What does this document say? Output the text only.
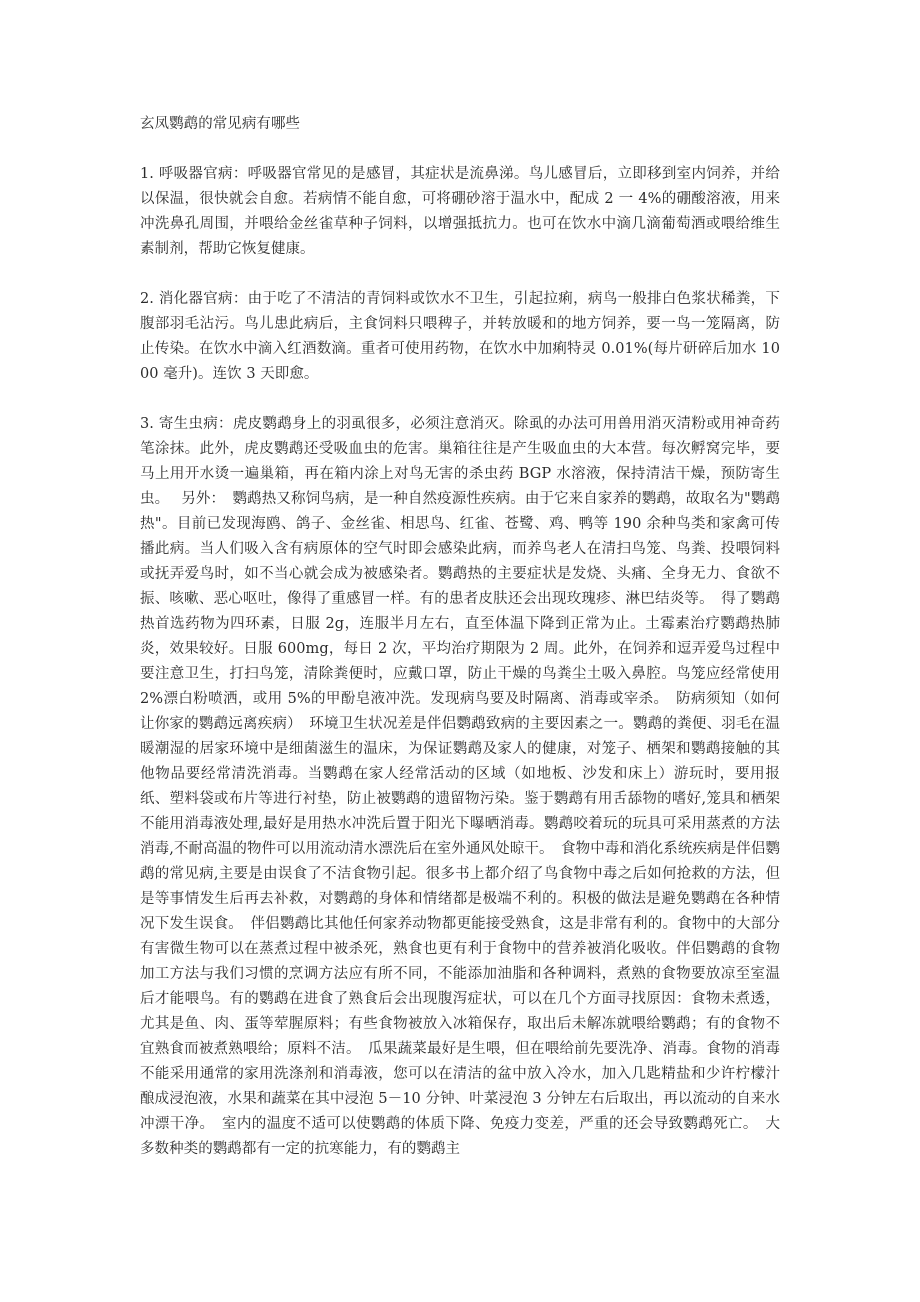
玄凤鹦鹉的常见病有哪些

1. 呼吸器官病：呼吸器官常见的是感冒，其症状是流鼻涕。鸟儿感冒后，立即移到室内饲养，并给以保温，很快就会自愈。若病情不能自愈，可将硼砂溶于温水中，配成 2 一 4%的硼酸溶液，用来冲洗鼻孔周围，并喂给金丝雀草种子饲料，以增强抵抗力。也可在饮水中滴几滴葡萄酒或喂给维生素制剂，帮助它恢复健康。

2. 消化器官病：由于吃了不清洁的青饲料或饮水不卫生，引起拉痢，病鸟一般排白色浆状稀粪，下腹部羽毛沾污。鸟儿患此病后，主食饲料只喂稗子，并转放暖和的地方饲养，要一鸟一笼隔离，防止传染。在饮水中滴入红酒数滴。重者可使用药物，在饮水中加痢特灵 0.01%(每片研碎后加水 1000 毫升)。连饮 3 天即愈。

3. 寄生虫病：虎皮鹦鹉身上的羽虱很多，必须注意消灭。除虱的办法可用兽用消灭清粉或用神奇药笔涂抹。此外，虎皮鹦鹉还受吸血虫的危害。巢箱往往是产生吸血虫的大本营。每次孵窝完毕，要马上用开水烫一遍巢箱，再在箱内涂上对鸟无害的杀虫药 BGP 水溶液，保持清洁干燥，预防寄生虫。　 另外：　鹦鹉热又称饲鸟病，是一种自然疫源性疾病。由于它来自家养的鹦鹉，故取名为"鹦鹉热"。目前已发现海鸥、鸽子、金丝雀、相思鸟、红雀、苍鹭、鸡、鸭等 190 余种鸟类和家禽可传播此病。当人们吸入含有病原体的空气时即会感染此病，而养鸟老人在清扫鸟笼、鸟粪、投喂饲料或抚弄爱鸟时，如不当心就会成为被感染者。鹦鹉热的主要症状是发烧、头痛、全身无力、食欲不振、咳嗽、恶心呕吐，像得了重感冒一样。有的患者皮肤还会出现玫瑰疹、淋巴结炎等。　得了鹦鹉热首选药物为四环素，日服 2g，连服半月左右，直至体温下降到正常为止。土霉素治疗鹦鹉热肺炎，效果较好。日服 600mg，每日 2 次，平均治疗期限为 2 周。此外，在饲养和逗弄爱鸟过程中要注意卫生，打扫鸟笼，清除粪便时，应戴口罩，防止干燥的鸟粪尘土吸入鼻腔。鸟笼应经常使用 2%漂白粉喷洒，或用 5%的甲酚皂液冲洗。发现病鸟要及时隔离、消毒或宰杀。　防病须知（如何让你家的鹦鹉远离疾病）　环境卫生状况差是伴侣鹦鹉致病的主要因素之一。鹦鹉的粪便、羽毛在温暖潮湿的居家环境中是细菌滋生的温床，为保证鹦鹉及家人的健康，对笼子、栖架和鹦鹉接触的其他物品要经常清洗消毒。当鹦鹉在家人经常活动的区域（如地板、沙发和床上）游玩时，要用报纸、塑料袋或布片等进行衬垫，防止被鹦鹉的遗留物污染。鉴于鹦鹉有用舌舔物的嗜好,笼具和栖架不能用消毒液处理,最好是用热水冲洗后置于阳光下曝晒消毒。鹦鹉咬着玩的玩具可采用蒸煮的方法消毒,不耐高温的物件可以用流动清水漂洗后在室外通风处晾干。　食物中毒和消化系统疾病是伴侣鹦鹉的常见病,主要是由误食了不洁食物引起。很多书上都介绍了鸟食物中毒之后如何抢救的方法，但是等事情发生后再去补救，对鹦鹉的身体和情绪都是极端不利的。积极的做法是避免鹦鹉在各种情况下发生误食。　伴侣鹦鹉比其他任何家养动物都更能接受熟食，这是非常有利的。食物中的大部分有害微生物可以在蒸煮过程中被杀死，熟食也更有利于食物中的营养被消化吸收。伴侣鹦鹉的食物加工方法与我们习惯的烹调方法应有所不同，不能添加油脂和各种调料，煮熟的食物要放凉至室温后才能喂鸟。有的鹦鹉在进食了熟食后会出现腹泻症状，可以在几个方面寻找原因：食物未煮透，尤其是鱼、肉、蛋等荤腥原料；有些食物被放入冰箱保存，取出后未解冻就喂给鹦鹉；有的食物不宜熟食而被煮熟喂给；原料不洁。　瓜果蔬菜最好是生喂，但在喂给前先要洗净、消毒。食物的消毒不能采用通常的家用洗涤剂和消毒液，您可以在清洁的盆中放入冷水，加入几匙精盐和少许柠檬汁酿成浸泡液，水果和蔬菜在其中浸泡 5－10 分钟、叶菜浸泡 3 分钟左右后取出，再以流动的自来水冲漂干净。　室内的温度不适可以使鹦鹉的体质下降、免疫力变差，严重的还会导致鹦鹉死亡。　大多数种类的鹦鹉都有一定的抗寒能力，有的鹦鹉主
